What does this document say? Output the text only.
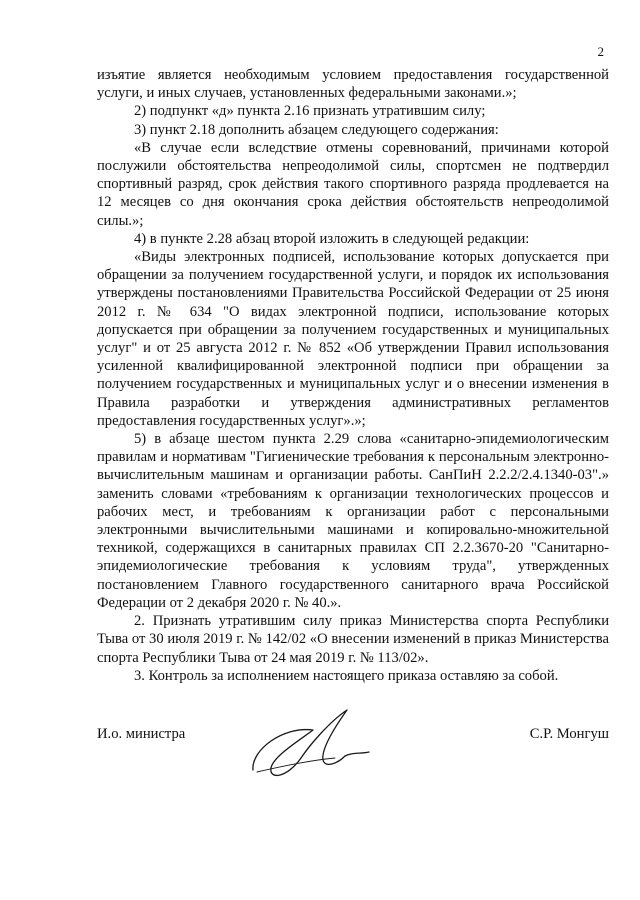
2

изъятие является необходимым условием предоставления государственной услуги, и иных случаев, установленных федеральными законами.»;

2) подпункт «д» пункта 2.16 признать утратившим силу;

3) пункт 2.18 дополнить абзацем следующего содержания:

«В случае если вследствие отмены соревнований, причинами которой послужили обстоятельства непреодолимой силы, спортсмен не подтвердил спортивный разряд, срок действия такого спортивного разряда продлевается на 12 месяцев со дня окончания срока действия обстоятельств непреодолимой силы.»;

4) в пункте 2.28 абзац второй изложить в следующей редакции:

«Виды электронных подписей, использование которых допускается при обращении за получением государственной услуги, и порядок их использования утверждены постановлениями Правительства Российской Федерации от 25 июня 2012 г. № 634 "О видах электронной подписи, использование которых допускается при обращении за получением государственных и муниципальных услуг" и от 25 августа 2012 г. № 852 «Об утверждении Правил использования усиленной квалифицированной электронной подписи при обращении за получением государственных и муниципальных услуг и о внесении изменения в Правила разработки и утверждения административных регламентов предоставления государственных услуг».»;

5) в абзаце шестом пункта 2.29 слова «санитарно-эпидемиологическим правилам и нормативам "Гигиенические требования к персональным электронно-вычислительным машинам и организации работы. СанПиН 2.2.2/2.4.1340-03".» заменить словами «требованиям к организации технологических процессов и рабочих мест, и требованиям к организации работ с персональными электронными вычислительными машинами и копировально-множительной техникой, содержащихся в санитарных правилах СП 2.2.3670-20 "Санитарно-эпидемиологические требования к условиям труда", утвержденных постановлением Главного государственного санитарного врача Российской Федерации от 2 декабря 2020 г. № 40.».

2. Признать утратившим силу приказ Министерства спорта Республики Тыва от 30 июля 2019 г. № 142/02 «О внесении изменений в приказ Министерства спорта Республики Тыва от 24 мая 2019 г. № 113/02».

3. Контроль за исполнением настоящего приказа оставляю за собой.

И.о. министра	С.Р. Монгуш
